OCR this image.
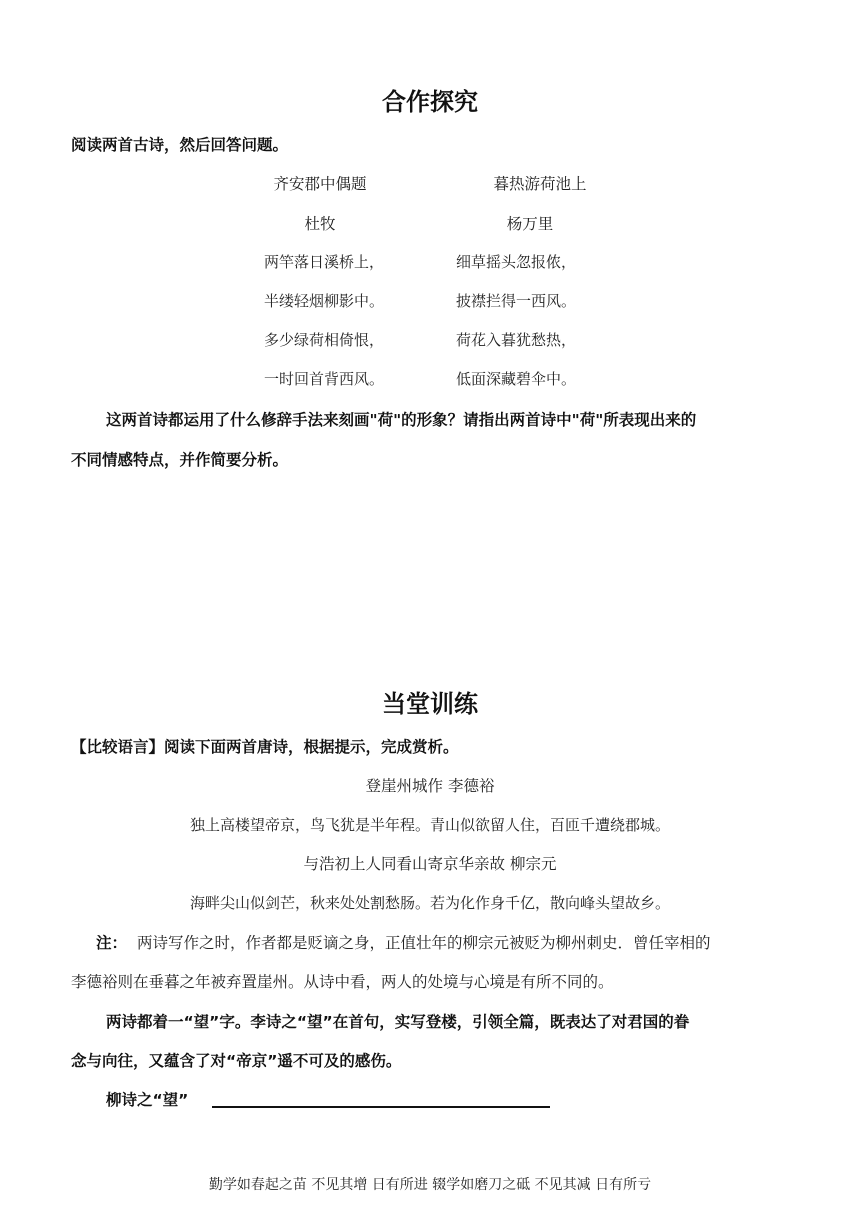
合作探究
阅读两首古诗，然后回答问题。
齐安郡中偶题
杜牧
两竿落日溪桥上，
半缕轻烟柳影中。
多少绿荷相倚恨，
一时回首背西风。
暮热游荷池上
杨万里
细草摇头忽报侬，
披襟拦得一西风。
荷花入暮犹愁热，
低面深藏碧伞中。
这两首诗都运用了什么修辞手法来刻画"荷"的形象？请指出两首诗中"荷"所表现出来的
不同情感特点，并作简要分析。
当堂训练
【比较语言】阅读下面两首唐诗，根据提示，完成赏析。
登崖州城作 李德裕
独上高楼望帝京，鸟飞犹是半年程。青山似欲留人住，百匝千遭绕郡城。
与浩初上人同看山寄京华亲故 柳宗元
海畔尖山似剑芒，秋来处处割愁肠。若为化作身千亿，散向峰头望故乡。
注： 两诗写作之时，作者都是贬谪之身，正值壮年的柳宗元被贬为柳州刺史．曾任宰相的
李德裕则在垂暮之年被弃置崖州。从诗中看，两人的处境与心境是有所不同的。
两诗都着一“望”字。李诗之“望”在首句，实写登楼，引领全篇，既表达了对君国的眷
念与向往，又蕴含了对“帝京”遥不可及的感伤。
柳诗之“望”
勤学如春起之苗 不见其增 日有所进 辍学如磨刀之砥 不见其减 日有所亏
